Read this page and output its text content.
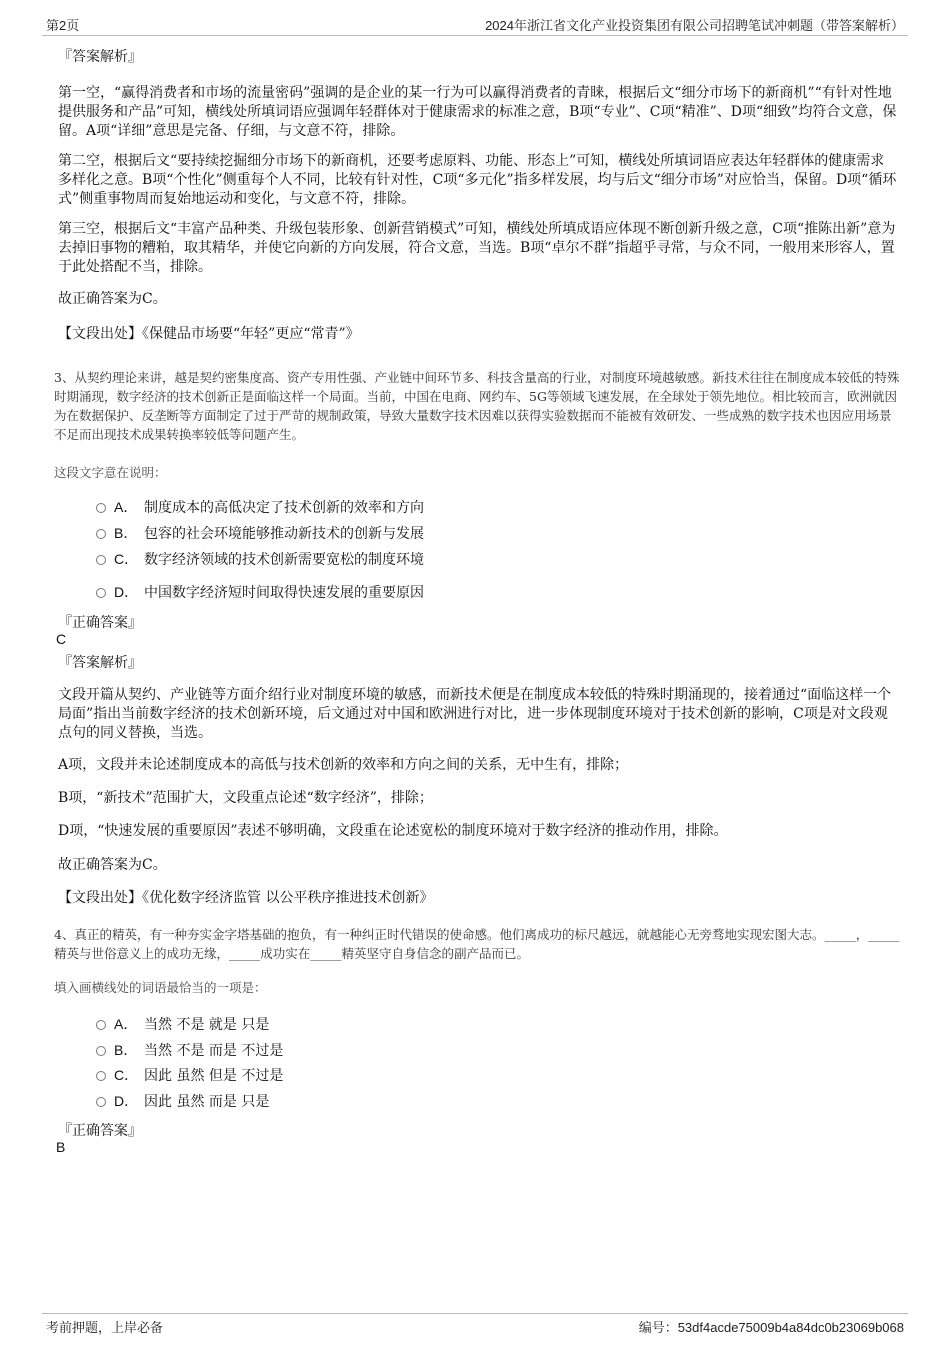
第2页	2024年浙江省文化产业投资集团有限公司招聘笔试冲刺题（带答案解析）
『答案解析』
第一空，“赢得消费者和市场的流量密码”强调的是企业的某一行为可以赢得消费者的青睐，根据后文“细分市场下的新商机”“有针对性地提供服务和产品”可知，横线处所填词语应强调年轻群体对于健康需求的标准之意，B项“专业”、C项“精准”、D项“细致”均符合文意，保留。A项“详细”意思是完备、仔细，与文意不符，排除。
第二空，根据后文“要持续挖掘细分市场下的新商机，还要考虑原料、功能、形态上”可知，横线处所填词语应表达年轻群体的健康需求多样化之意。B项“个性化”侧重每个人不同，比较有针对性，C项“多元化”指多样发展，均与后文“细分市场”对应恰当，保留。D项“循环式”侧重事物周而复始地运动和变化，与文意不符，排除。
第三空，根据后文“丰富产品种类、升级包装形象、创新营销模式”可知，横线处所填成语应体现不断创新升级之意，C项“推陈出新”意为去掉旧事物的糟粕，取其精华，并使它向新的方向发展，符合文意，当选。B项“卓尔不群”指超乎寻常，与众不同，一般用来形容人，置于此处搭配不当，排除。
故正确答案为C。
【文段出处】《保健品市场要“年轻”更应“常青”》
3、从契约理论来讲，越是契约密集度高、资产专用性强、产业链中间环节多、科技含量高的行业，对制度环境越敏感。新技术往往在制度成本较低的特殊时期涌现，数字经济的技术创新正是面临这样一个局面。当前，中国在电商、网约车、5G等领域飞速发展，在全球处于领先地位。相比较而言，欧洲就因为在数据保护、反垄断等方面制定了过于严苛的规制政策，导致大量数字技术因难以获得实验数据而不能被有效研发、一些成熟的数字技术也因应用场景不足而出现技术成果转换率较低等问题产生。
这段文字意在说明：
A． 制度成本的高低决定了技术创新的效率和方向
B． 包容的社会环境能够推动新技术的创新与发展
C． 数字经济领域的技术创新需要宽松的制度环境
D． 中国数字经济短时间取得快速发展的重要原因
『正确答案』
C
『答案解析』
文段开篇从契约、产业链等方面介绍行业对制度环境的敏感，而新技术便是在制度成本较低的特殊时期涌现的，接着通过“面临这样一个局面”指出当前数字经济的技术创新环境，后文通过对中国和欧洲进行对比，进一步体现制度环境对于技术创新的影响，C项是对文段观点句的同义替换，当选。
A项，文段并未论述制度成本的高低与技术创新的效率和方向之间的关系，无中生有，排除；
B项，“新技术”范围扩大，文段重点论述“数字经济”，排除；
D项，“快速发展的重要原因”表述不够明确，文段重在论述宽松的制度环境对于数字经济的推动作用，排除。
故正确答案为C。
【文段出处】《优化数字经济监管 以公平秩序推进技术创新》
4、真正的精英，有一种夯实金字塔基础的抱负，有一种纠正时代错误的使命感。他们离成功的标尺越远，就越能心无旁骛地实现宏图大志。_____，_____精英与世俗意义上的成功无缘，_____成功实在_____精英坚守自身信念的副产品而已。
填入画横线处的词语最恰当的一项是：
A． 当然 不是 就是 只是
B． 当然 不是 而是 不过是
C． 因此 虽然 但是 不过是
D． 因此 虽然 而是 只是
『正确答案』
B
考前押题，上岸必备	编号：53df4acde75009b4a84dc0b23069b068
